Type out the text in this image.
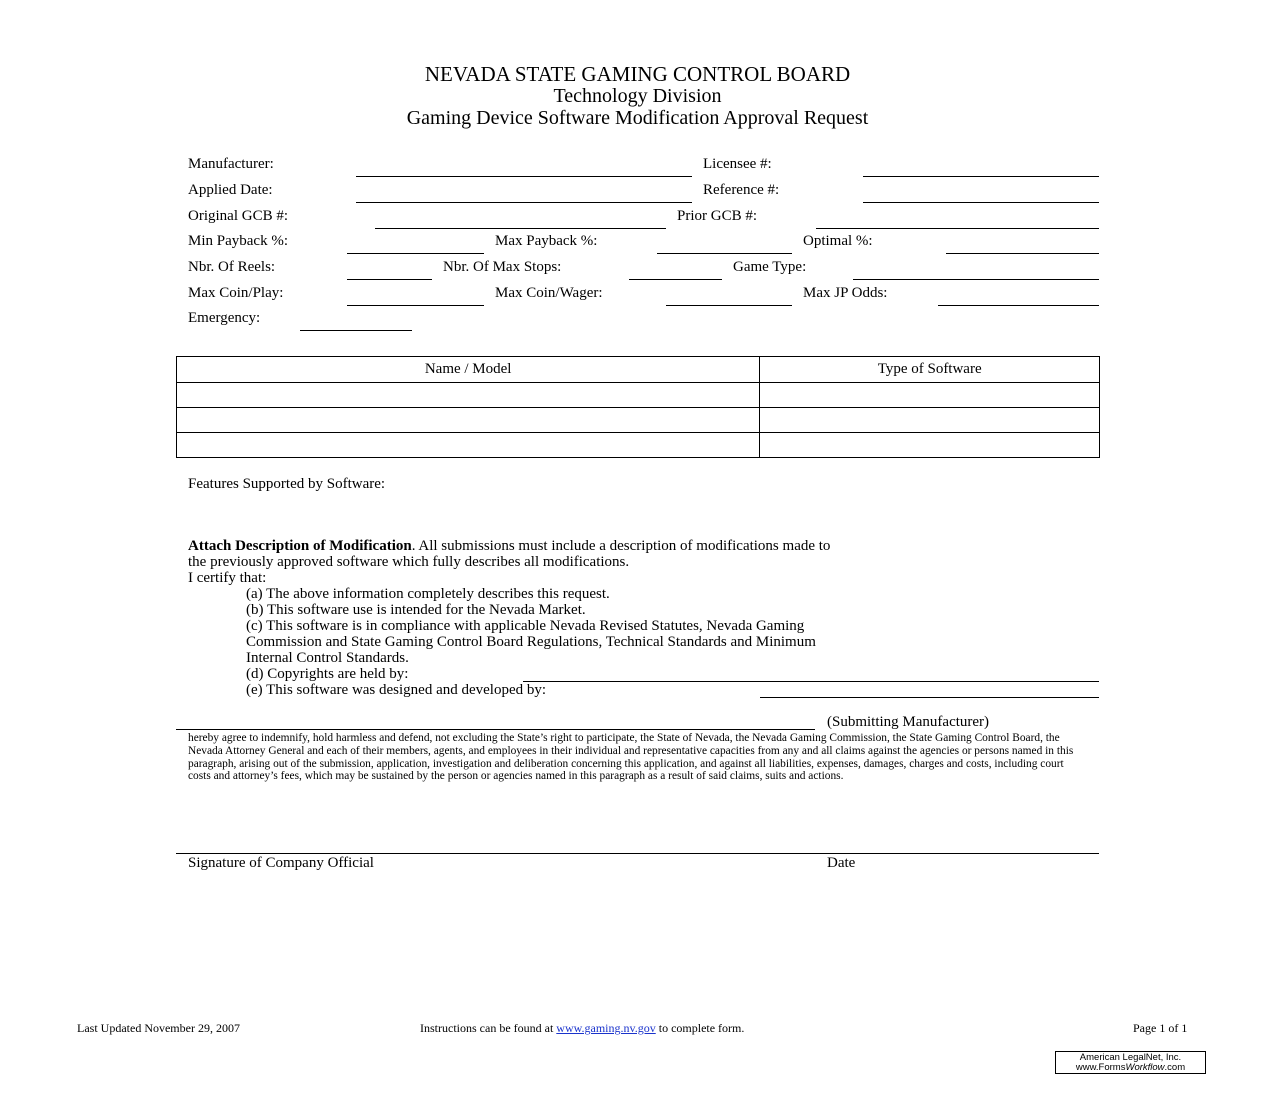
NEVADA STATE GAMING CONTROL BOARD
Technology Division
Gaming Device Software Modification Approval Request
Manufacturer:	Licensee #:
Applied Date:	Reference #:
Original GCB #:	Prior GCB #:
Min Payback %:	Max Payback %:	Optimal %:
Nbr. Of Reels:	Nbr. Of Max Stops:	Game Type:
Max Coin/Play:	Max Coin/Wager:	Max JP Odds:
Emergency:
Name / Model	Type of Software

Features Supported by Software:
Attach Description of Modification. All submissions must include a description of modifications made to
the previously approved software which fully describes all modifications.
I certify that:
(a) The above information completely describes this request.
(b) This software use is intended for the Nevada Market.
(c) This software is in compliance with applicable Nevada Revised Statutes, Nevada Gaming
Commission and State Gaming Control Board Regulations, Technical Standards and Minimum
Internal Control Standards.
(d) Copyrights are held by:
(e) This software was designed and developed by:
(Submitting Manufacturer)
hereby agree to indemnify, hold harmless and defend, not excluding the State’s right to participate, the State of Nevada, the Nevada Gaming Commission, the State Gaming Control Board, the Nevada Attorney General and each of their members, agents, and employees in their individual and representative capacities from any and all claims against the agencies or persons named in this paragraph, arising out of the submission, application, investigation and deliberation concerning this application, and against all liabilities, expenses, damages, charges and costs, including court costs and attorney’s fees, which may be sustained by the person or agencies named in this paragraph as a result of said claims, suits and actions.
Signature of Company Official	Date
Last Updated November 29, 2007	Instructions can be found at www.gaming.nv.gov to complete form.	Page 1 of 1
American LegalNet, Inc.
www.FormsWorkflow.com
